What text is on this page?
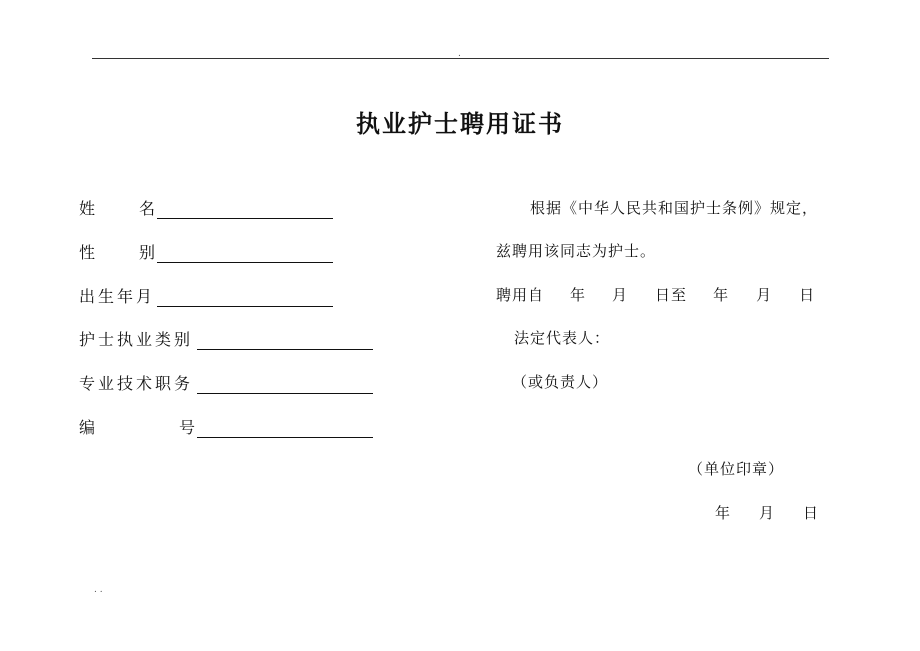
.
执业护士聘用证书
姓名
性别
出生年月
护士执业类别
专业技术职务
编号
根据《中华人民共和国护士条例》规定，
兹聘用该同志为护士。
聘用自 年 月 日至 年 月 日
法定代表人：
（或负责人）
（单位印章）
年 月 日
. .
